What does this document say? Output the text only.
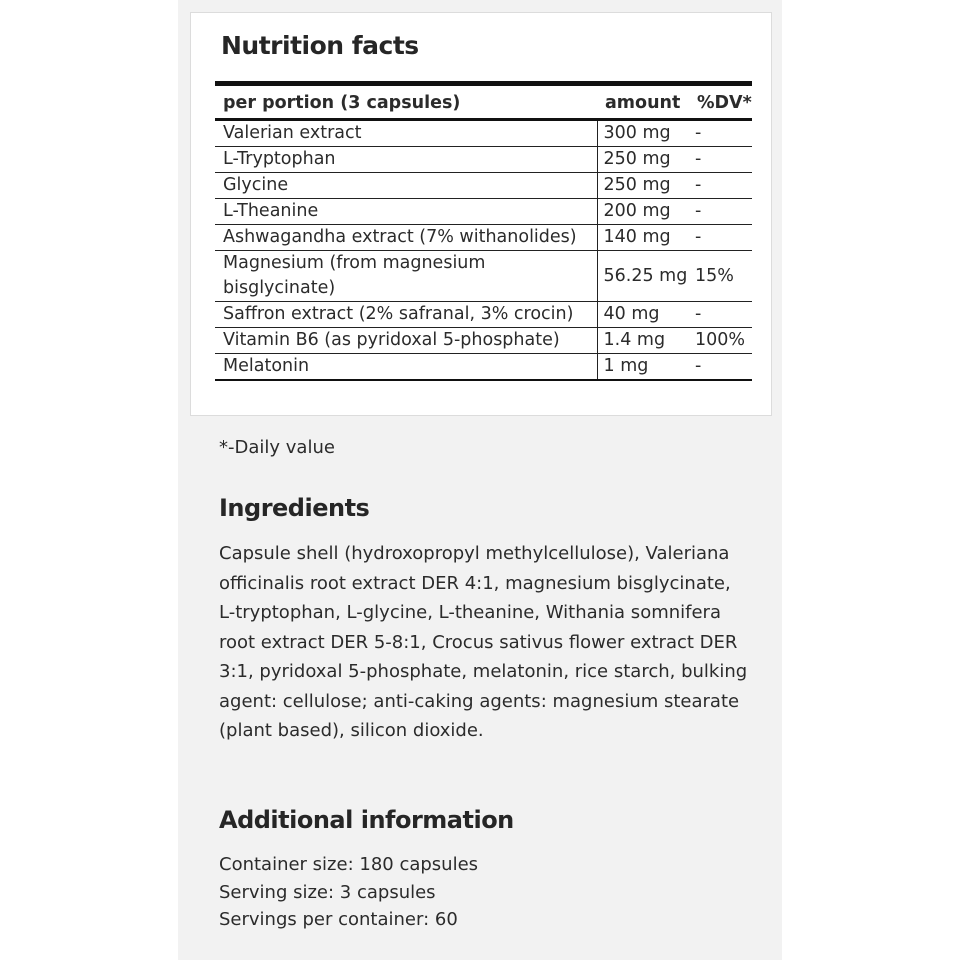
Nutrition facts
per portion (3 capsules)	amount	%DV*
Valerian extract	300 mg	-
L-Tryptophan	250 mg	-
Glycine	250 mg	-
L-Theanine	200 mg	-
Ashwagandha extract (7% withanolides)	140 mg	-
Magnesium (from magnesium bisglycinate)	56.25 mg	15%
Saffron extract (2% safranal, 3% crocin)	40 mg	-
Vitamin B6 (as pyridoxal 5-phosphate)	1.4 mg	100%
Melatonin	1 mg	-
*-Daily value
Ingredients
Capsule shell (hydroxopropyl methylcellulose), Valeriana officinalis root extract DER 4:1, magnesium bisglycinate, L-tryptophan, L-glycine, L-theanine, Withania somnifera root extract DER 5-8:1, Crocus sativus flower extract DER 3:1, pyridoxal 5-phosphate, melatonin, rice starch, bulking agent: cellulose; anti-caking agents: magnesium stearate (plant based), silicon dioxide.
Additional information
Container size: 180 capsules
Serving size: 3 capsules
Servings per container: 60
